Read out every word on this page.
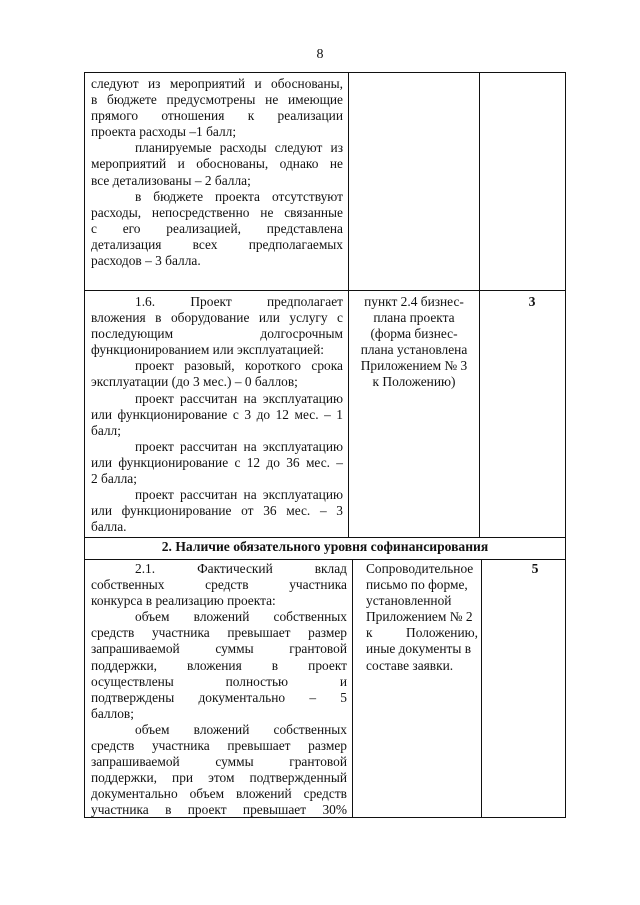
8

следуют из мероприятий и обоснованы,

в бюджете предусмотрены не имеющие

прямого отношения к реализации

проекта расходы –1 балл;

планируемые расходы следуют из

мероприятий и обоснованы, однако не

все детализованы – 2 балла;

в бюджете проекта отсутствуют

расходы, непосредственно не связанные

с его реализацией, представлена

детализация всех предполагаемых

расходов – 3 балла.

1.6. Проект предполагает

вложения в оборудование или услугу с

последующим долгосрочным

функционированием или эксплуатацией:

проект разовый, короткого срока

эксплуатации (до 3 мес.) – 0 баллов;

проект рассчитан на эксплуатацию

или функционирование с 3 до 12 мес. – 1

балл;

проект рассчитан на эксплуатацию

или функционирование с 12 до 36 мес. –

2 балла;

проект рассчитан на эксплуатацию

или функционирование от 36 мес. – 3

балла.

пункт 2.4 бизнес-

плана проекта

(форма бизнес-

плана установлена

Приложением № 3

к Положению)

3
2. Наличие обязательного уровня софинансирования

2.1. Фактический вклад

собственных средств участника

конкурса в реализацию проекта:

объем вложений собственных

средств участника превышает размер

запрашиваемой суммы грантовой

поддержки, вложения в проект

осуществлены полностью и

подтверждены документально – 5

баллов;

объем вложений собственных

средств участника превышает размер

запрашиваемой суммы грантовой

поддержки, при этом подтвержденный

документально объем вложений средств

участника в проект превышает 30%

Сопроводительное

письмо по форме,

установленной

Приложением № 2

к Положению,

иные документы в

составе заявки.

5
